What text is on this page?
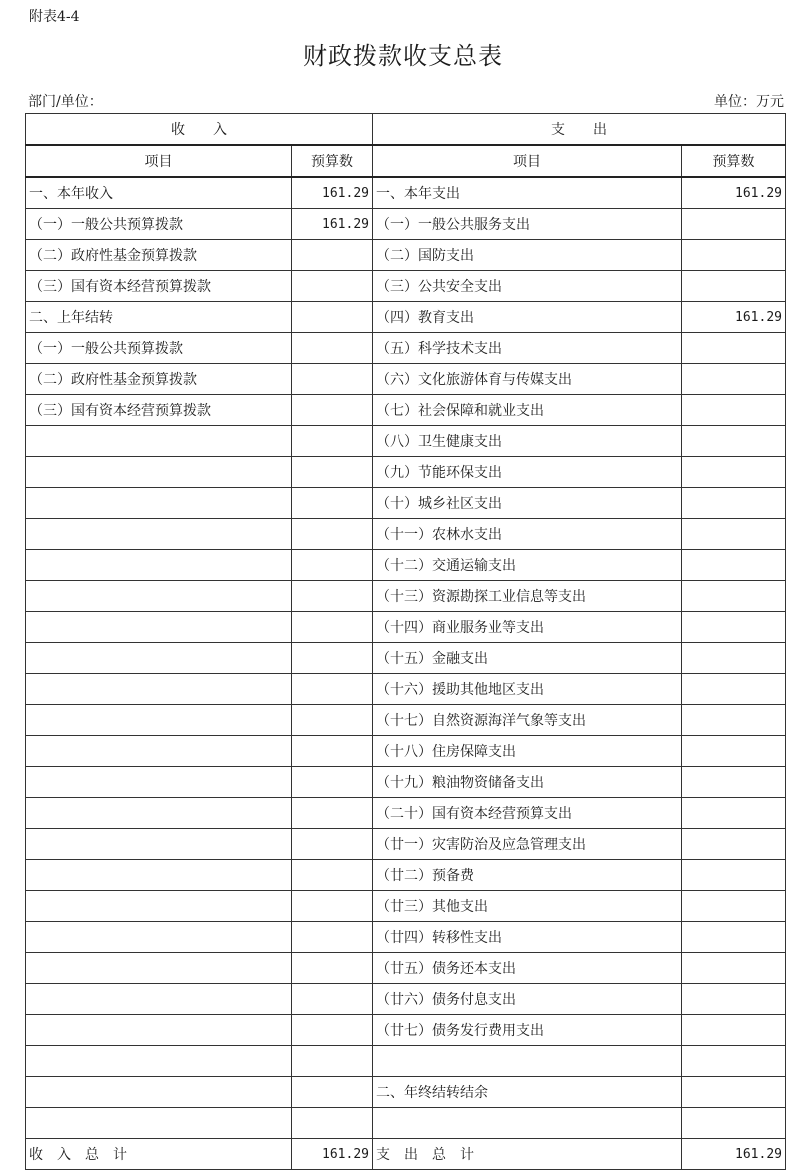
附表4-4
财政拨款收支总表
部门/单位：	单位：万元
收　　入		支　　出	
项目	预算数	项目	预算数
一、本年收入	161.29	一、本年支出	161.29
（一）一般公共预算拨款	161.29	（一）一般公共服务支出	
（二）政府性基金预算拨款		（二）国防支出	
（三）国有资本经营预算拨款		（三）公共安全支出	
二、上年结转		（四）教育支出	161.29
（一）一般公共预算拨款		（五）科学技术支出	
（二）政府性基金预算拨款		（六）文化旅游体育与传媒支出	
（三）国有资本经营预算拨款		（七）社会保障和就业支出	
		（八）卫生健康支出	
		（九）节能环保支出	
		（十）城乡社区支出	
		（十一）农林水支出	
		（十二）交通运输支出	
		（十三）资源勘探工业信息等支出	
		（十四）商业服务业等支出	
		（十五）金融支出	
		（十六）援助其他地区支出	
		（十七）自然资源海洋气象等支出	
		（十八）住房保障支出	
		（十九）粮油物资储备支出	
		（二十）国有资本经营预算支出	
		（廿一）灾害防治及应急管理支出	
		（廿二）预备费	
		（廿三）其他支出	
		（廿四）转移性支出	
		（廿五）债务还本支出	
		（廿六）债务付息支出	
		（廿七）债务发行费用支出	

		二、年终结转结余	

收　入　总　计	161.29	支　出　总　计	161.29
